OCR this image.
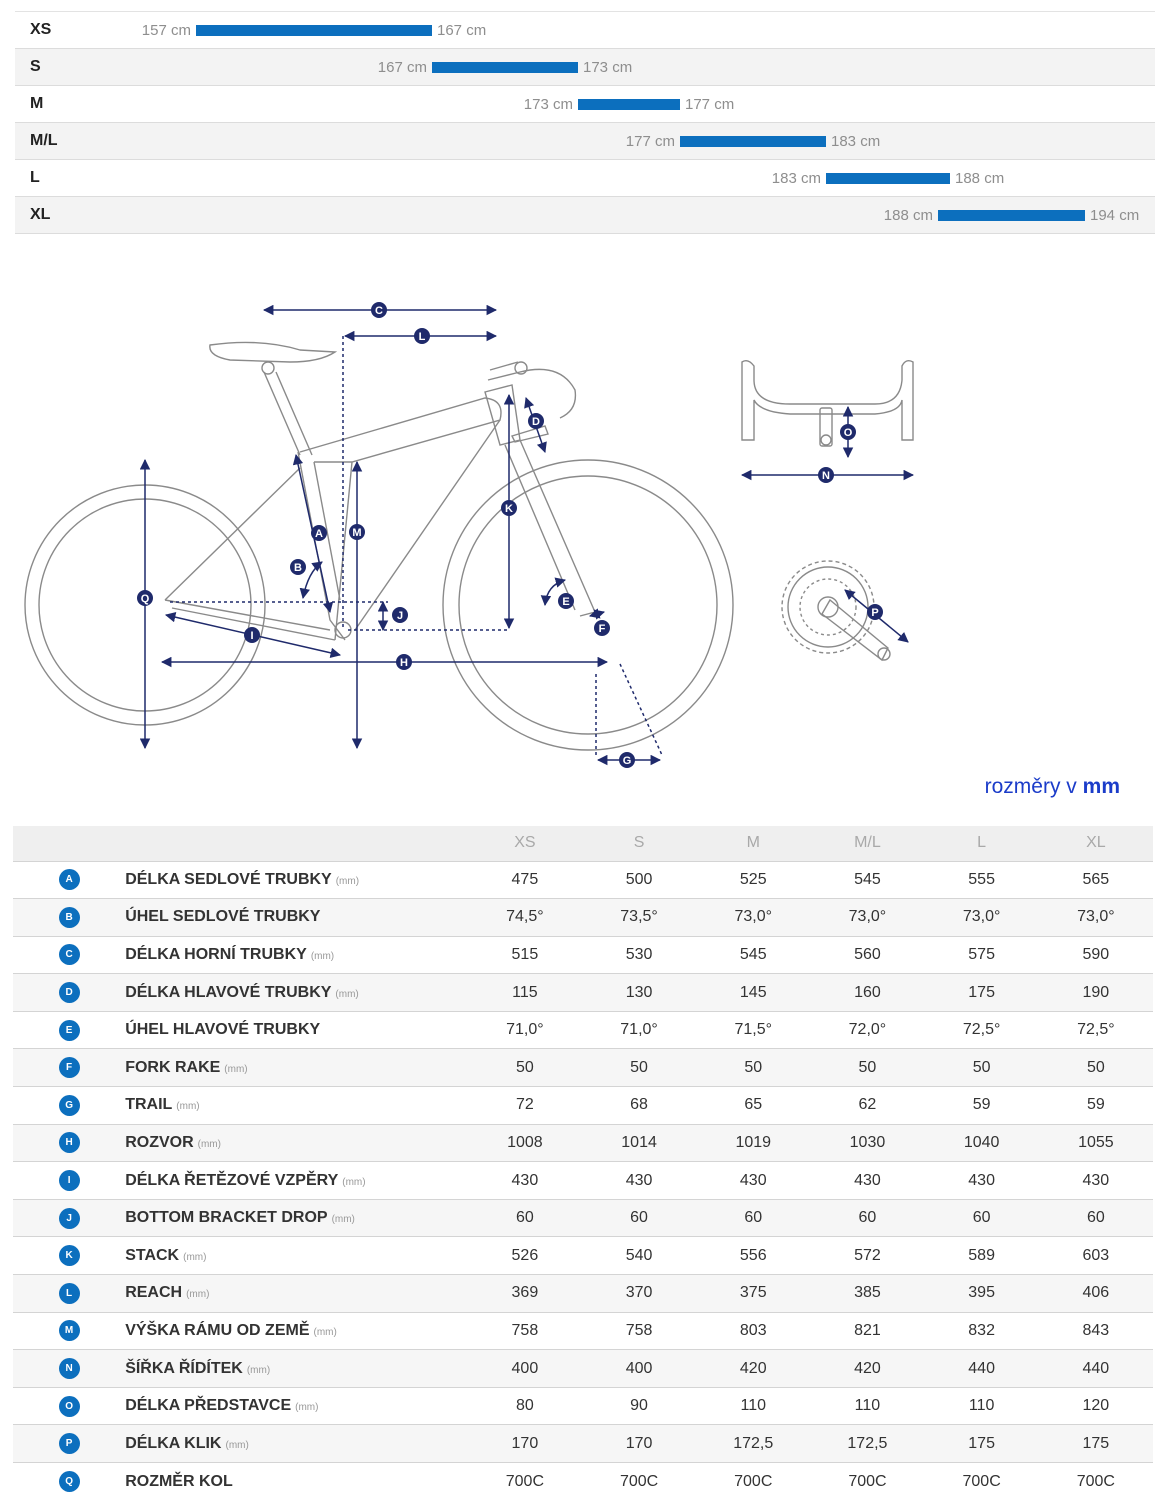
XS	157 cm	167 cm
S	167 cm	173 cm
M	173 cm	177 cm
M/L	177 cm	183 cm
L	183 cm	188 cm
XL	188 cm	194 cm
C
L
D
K
M
A
B
Q	E
J
F
I
H
G
O
N
P
rozměry v mm
		XS	S	M	M/L	L	XL
A	DÉLKA SEDLOVÉ TRUBKY (mm)	475	500	525	545	555	565
B	ÚHEL SEDLOVÉ TRUBKY	74,5°	73,5°	73,0°	73,0°	73,0°	73,0°
C	DÉLKA HORNÍ TRUBKY (mm)	515	530	545	560	575	590
D	DÉLKA HLAVOVÉ TRUBKY (mm)	115	130	145	160	175	190
E	ÚHEL HLAVOVÉ TRUBKY	71,0°	71,0°	71,5°	72,0°	72,5°	72,5°
F	FORK RAKE (mm)	50	50	50	50	50	50
G	TRAIL (mm)	72	68	65	62	59	59
H	ROZVOR (mm)	1008	1014	1019	1030	1040	1055
I	DÉLKA ŘETĚZOVÉ VZPĚRY (mm)	430	430	430	430	430	430
J	BOTTOM BRACKET DROP (mm)	60	60	60	60	60	60
K	STACK (mm)	526	540	556	572	589	603
L	REACH (mm)	369	370	375	385	395	406
M	VÝŠKA RÁMU OD ZEMĚ (mm)	758	758	803	821	832	843
N	ŠÍŘKA ŘÍDÍTEK (mm)	400	400	420	420	440	440
O	DÉLKA PŘEDSTAVCE (mm)	80	90	110	110	110	120
P	DÉLKA KLIK (mm)	170	170	172,5	172,5	175	175
Q	ROZMĚR KOL	700C	700C	700C	700C	700C	700C
